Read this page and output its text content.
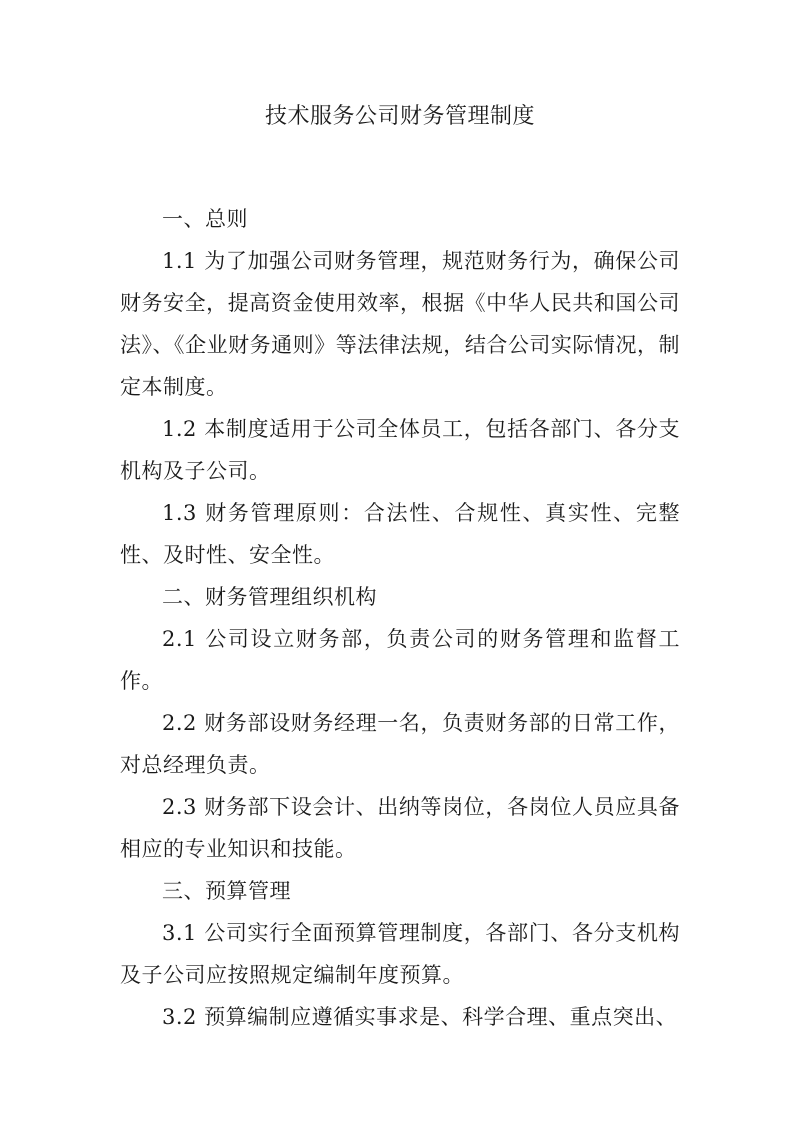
技术服务公司财务管理制度

一、总则

1.1 为了加强公司财务管理，规范财务行为，确保公司财务安全，提高资金使用效率，根据《中华人民共和国公司法》、《企业财务通则》等法律法规，结合公司实际情况，制定本制度。

1.2 本制度适用于公司全体员工，包括各部门、各分支机构及子公司。

1.3 财务管理原则：合法性、合规性、真实性、完整性、及时性、安全性。

二、财务管理组织机构

2.1 公司设立财务部，负责公司的财务管理和监督工作。

2.2 财务部设财务经理一名，负责财务部的日常工作，对总经理负责。

2.3 财务部下设会计、出纳等岗位，各岗位人员应具备相应的专业知识和技能。

三、预算管理

3.1 公司实行全面预算管理制度，各部门、各分支机构及子公司应按照规定编制年度预算。

3.2 预算编制应遵循实事求是、科学合理、重点突出、
